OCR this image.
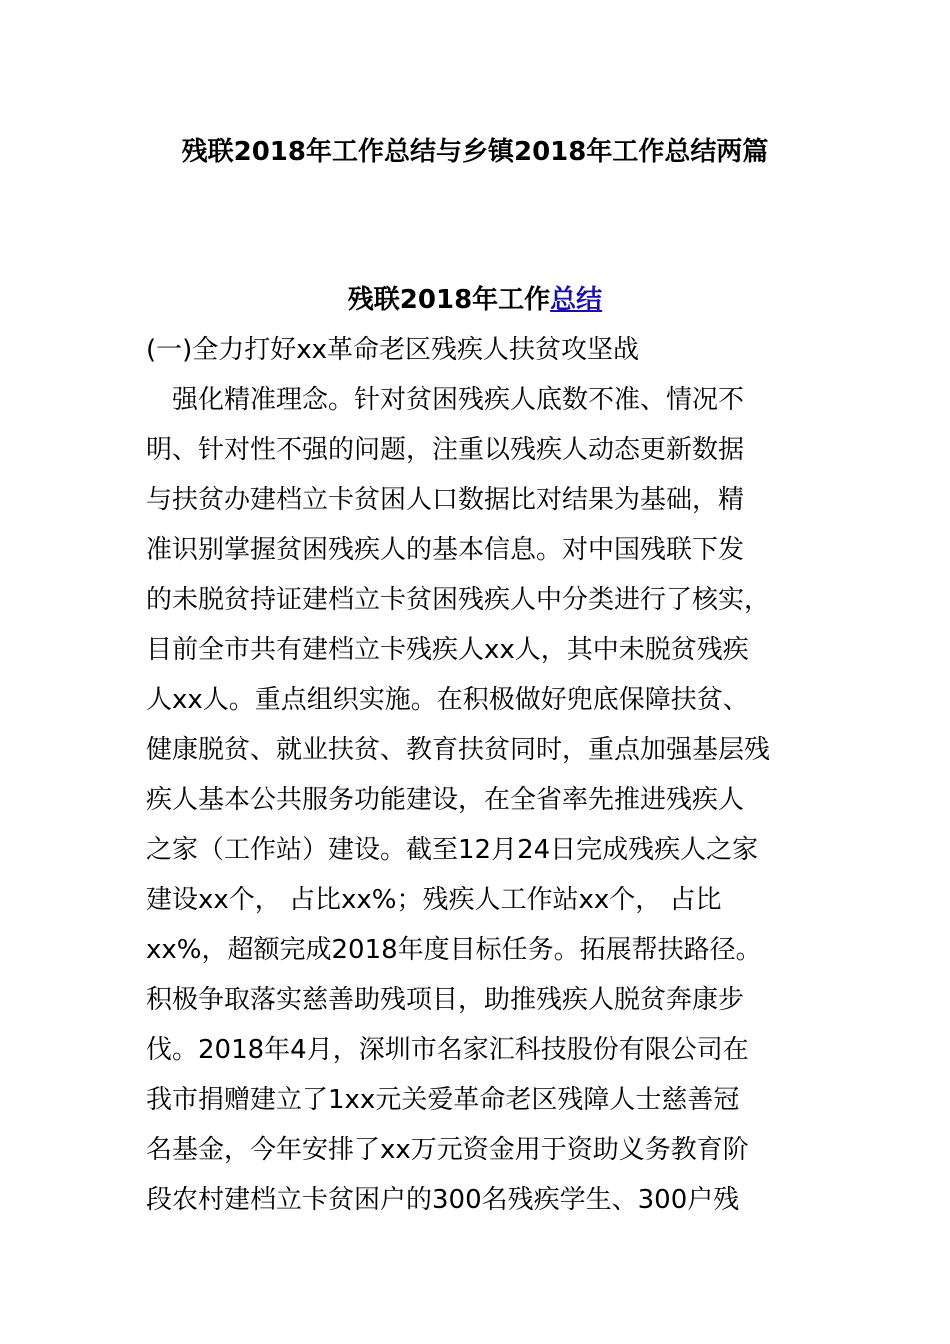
残联2018年工作总结与乡镇2018年工作总结两篇
残联2018年工作总结
(一)全力打好xx革命老区残疾人扶贫攻坚战
　强化精准理念。针对贫困残疾人底数不准、情况不
明、针对性不强的问题，注重以残疾人动态更新数据
与扶贫办建档立卡贫困人口数据比对结果为基础，精
准识别掌握贫困残疾人的基本信息。对中国残联下发
的未脱贫持证建档立卡贫困残疾人中分类进行了核实，
目前全市共有建档立卡残疾人xx人，其中未脱贫残疾
人xx人。重点组织实施。在积极做好兜底保障扶贫、
健康脱贫、就业扶贫、教育扶贫同时，重点加强基层残
疾人基本公共服务功能建设，在全省率先推进残疾人
之家（工作站）建设。截至12月24日完成残疾人之家
建设xx个， 占比xx%；残疾人工作站xx个， 占比
xx%，超额完成2018年度目标任务。拓展帮扶路径。
积极争取落实慈善助残项目，助推残疾人脱贫奔康步
伐。2018年4月，深圳市名家汇科技股份有限公司在
我市捐赠建立了1xx元关爱革命老区残障人士慈善冠
名基金，今年安排了xx万元资金用于资助义务教育阶
段农村建档立卡贫困户的300名残疾学生、300户残
